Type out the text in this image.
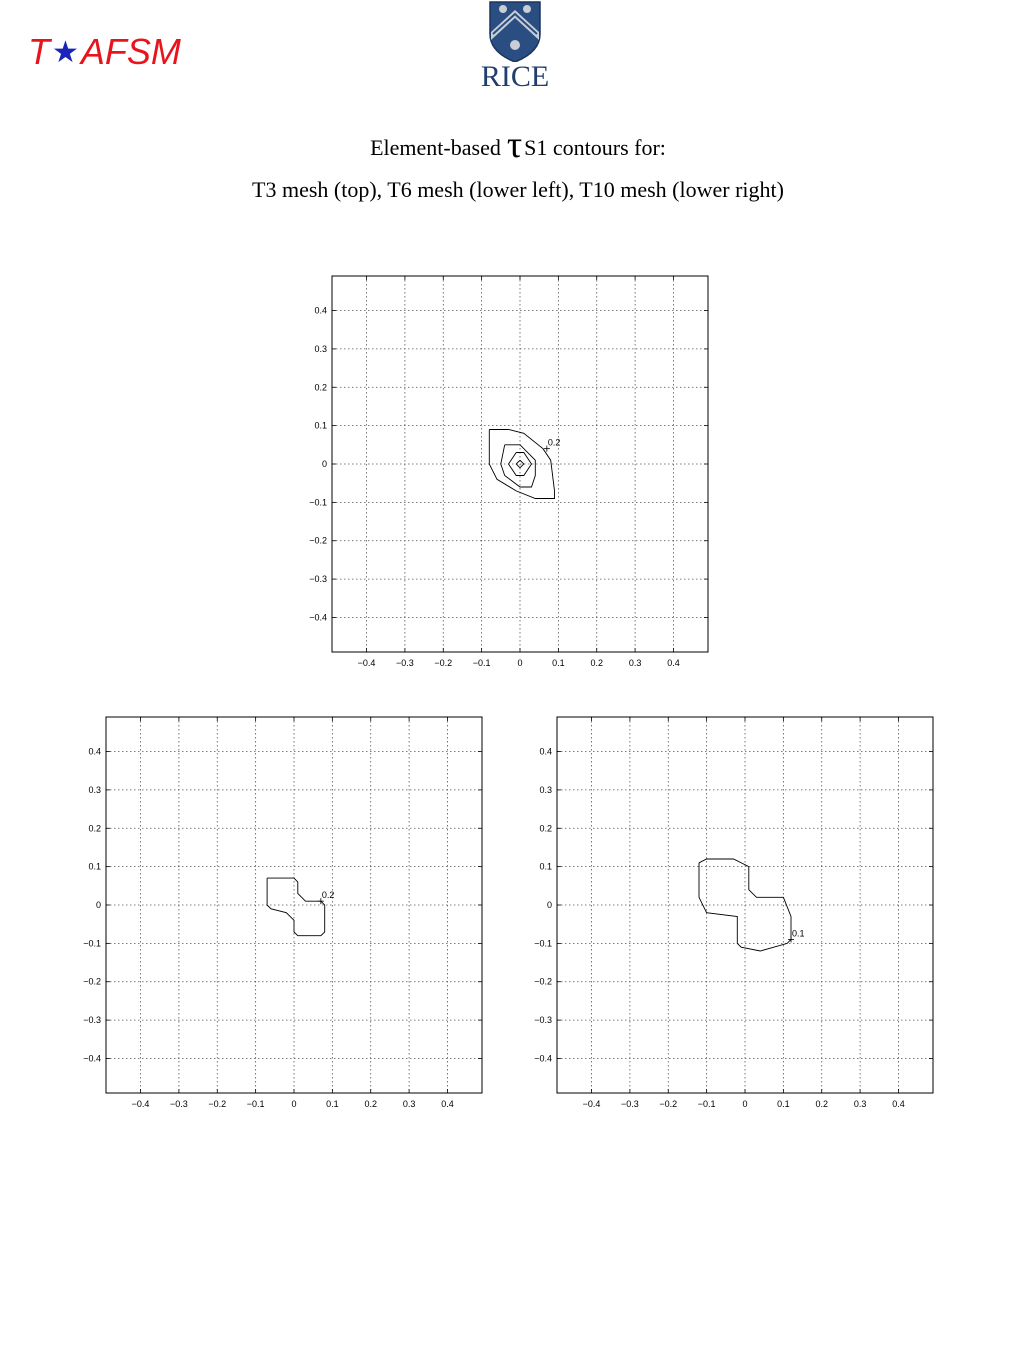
T★AFSM
RICE
Element-based τS1 contours for:
T3 mesh (top), T6 mesh (lower left), T10 mesh (lower right)
−0.4
−0.4
−0.3
−0.3
−0.2
−0.2
−0.1
−0.1
0
0
0.1
0.1
0.2
0.2
0.3
0.3
0.4
0.4
0.2
−0.4
−0.4
−0.3
−0.3
−0.2
−0.2
−0.1
−0.1
0
0
0.1
0.1
0.2
0.2
0.3
0.3
0.4
0.4
0.2
−0.4
−0.4
−0.3
−0.3
−0.2
−0.2
−0.1
−0.1
0
0
0.1
0.1
0.2
0.2
0.3
0.3
0.4
0.4
0.1
